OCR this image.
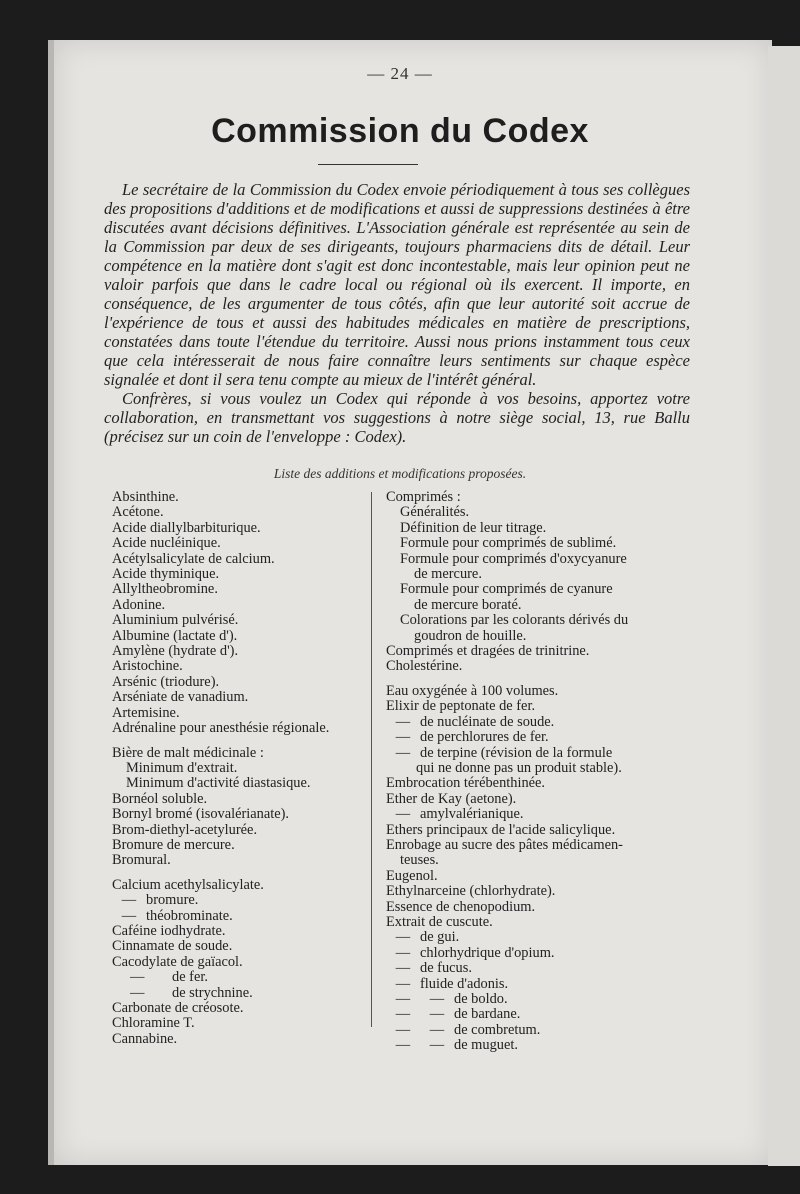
— 24 —
Commission du Codex

Le secrétaire de la Commission du Codex envoie périodiquement à tous ses collègues des propositions d'additions et de modifications et aussi de suppressions destinées à être discutées avant décisions définitives. L'Association générale est représentée au sein de la Commission par deux de ses dirigeants, toujours pharmaciens dits de détail. Leur compétence en la matière dont s'agit est donc incontestable, mais leur opinion peut ne valoir parfois que dans le cadre local ou régional où ils exercent. Il importe, en conséquence, de les argumenter de tous côtés, afin que leur autorité soit accrue de l'expérience de tous et aussi des habitudes médicales en matière de prescriptions, constatées dans toute l'étendue du territoire. Aussi nous prions instamment tous ceux que cela intéresserait de nous faire connaître leurs sentiments sur chaque espèce signalée et dont il sera tenu compte au mieux de l'intérêt général.

Confrères, si vous voulez un Codex qui réponde à vos besoins, apportez votre collaboration, en transmettant vos suggestions à notre siège social, 13, rue Ballu (précisez sur un coin de l'enveloppe : Codex).

Liste des additions et modifications proposées.
Absinthine.
Acétone.
Acide diallylbarbiturique.
Acide nucléinique.
Acétylsalicylate de calcium.
Acide thyminique.
Allyltheobromine.
Adonine.
Aluminium pulvérisé.
Albumine (lactate d').
Amylène (hydrate d').
Aristochine.
Arsénic (triodure).
Arséniate de vanadium.
Artemisine.
Adrénaline pour anesthésie régionale.
Bière de malt médicinale :
Minimum d'extrait.
Minimum d'activité diastasique.
Bornéol soluble.
Bornyl bromé (isovalérianate).
Brom-diethyl-acetylurée.
Bromure de mercure.
Bromural.
Calcium acethylsalicylate.
— bromure.
— théobrominate.
Caféine iodhydrate.
Cinnamate de soude.
Cacodylate de gaïacol.
— de fer.
— de strychnine.
Carbonate de créosote.
Chloramine T.
Cannabine.
Comprimés :
Généralités.
Définition de leur titrage.
Formule pour comprimés de sublimé.
Formule pour comprimés d'oxycyanure
de mercure.
Formule pour comprimés de cyanure
de mercure boraté.
Colorations par les colorants dérivés du
goudron de houille.
Comprimés et dragées de trinitrine.
Cholestérine.
Eau oxygénée à 100 volumes.
Elixir de peptonate de fer.
— de nucléinate de soude.
— de perchlorures de fer.
— de terpine (révision de la formule
qui ne donne pas un produit stable).
Embrocation térébenthinée.
Ether de Kay (aetone).
— amylvalérianique.
Ethers principaux de l'acide salicylique.
Enrobage au sucre des pâtes médicamen-
teuses.
Eugenol.
Ethylnarceine (chlorhydrate).
Essence de chenopodium.
Extrait de cuscute.
— de gui.
— chlorhydrique d'opium.
— de fucus.
— fluide d'adonis.
— — de boldo.
— — de bardane.
— — de combretum.
— — de muguet.
